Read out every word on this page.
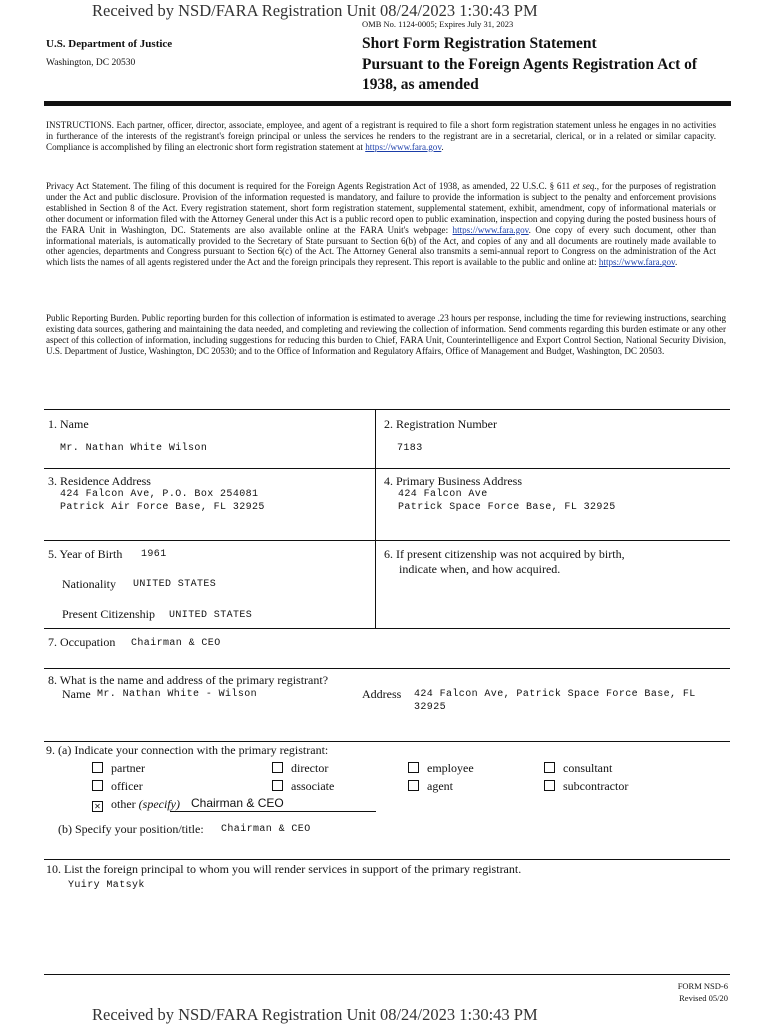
Received by NSD/FARA Registration Unit 08/24/2023 1:30:43 PM
OMB No. 1124-0005; Expires July 31, 2023
U.S. Department of Justice
Washington, DC 20530
Short Form Registration Statement
Pursuant to the Foreign Agents Registration Act of
1938, as amended
INSTRUCTIONS. Each partner, officer, director, associate, employee, and agent of a registrant is required to file a short form registration statement unless he engages in no activities in furtherance of the interests of the registrant's foreign principal or unless the services he renders to the registrant are in a secretarial, clerical, or in a related or similar capacity. Compliance is accomplished by filing an electronic short form registration statement at https://www.fara.gov.
Privacy Act Statement. The filing of this document is required for the Foreign Agents Registration Act of 1938, as amended, 22 U.S.C. § 611 et seq., for the purposes of registration under the Act and public disclosure. Provision of the information requested is mandatory, and failure to provide the information is subject to the penalty and enforcement provisions established in Section 8 of the Act. Every registration statement, short form registration statement, supplemental statement, exhibit, amendment, copy of informational materials or other document or information filed with the Attorney General under this Act is a public record open to public examination, inspection and copying during the posted business hours of the FARA Unit in Washington, DC. Statements are also available online at the FARA Unit's webpage: https://www.fara.gov. One copy of every such document, other than informational materials, is automatically provided to the Secretary of State pursuant to Section 6(b) of the Act, and copies of any and all documents are routinely made available to other agencies, departments and Congress pursuant to Section 6(c) of the Act. The Attorney General also transmits a semi-annual report to Congress on the administration of the Act which lists the names of all agents registered under the Act and the foreign principals they represent. This report is available to the public and online at: https://www.fara.gov.
Public Reporting Burden. Public reporting burden for this collection of information is estimated to average .23 hours per response, including the time for reviewing instructions, searching existing data sources, gathering and maintaining the data needed, and completing and reviewing the collection of information. Send comments regarding this burden estimate or any other aspect of this collection of information, including suggestions for reducing this burden to Chief, FARA Unit, Counterintelligence and Export Control Section, National Security Division, U.S. Department of Justice, Washington, DC 20530; and to the Office of Information and Regulatory Affairs, Office of Management and Budget, Washington, DC 20503.
1. Name
Mr. Nathan White Wilson
2. Registration Number
7183
3. Residence Address
424 Falcon Ave, P.O. Box 254081
Patrick Air Force Base, FL 32925
4. Primary Business Address
424 Falcon Ave
Patrick Space Force Base, FL 32925
5. Year of Birth 1961
Nationality UNITED STATES
Present Citizenship UNITED STATES
6. If present citizenship was not acquired by birth,
indicate when, and how acquired.
7. Occupation Chairman & CEO
8. What is the name and address of the primary registrant?
Name Mr. Nathan White - Wilson	Address 424 Falcon Ave, Patrick Space Force Base, FL
32925
9. (a) Indicate your connection with the primary registrant:
partner	director	employee	consultant
officer	associate	agent	subcontractor
✕ other (specify) Chairman & CEO
(b) Specify your position/title: Chairman & CEO
10. List the foreign principal to whom you will render services in support of the primary registrant.
Yuiry Matsyk
FORM NSD-6
Revised 05/20
Received by NSD/FARA Registration Unit 08/24/2023 1:30:43 PM
